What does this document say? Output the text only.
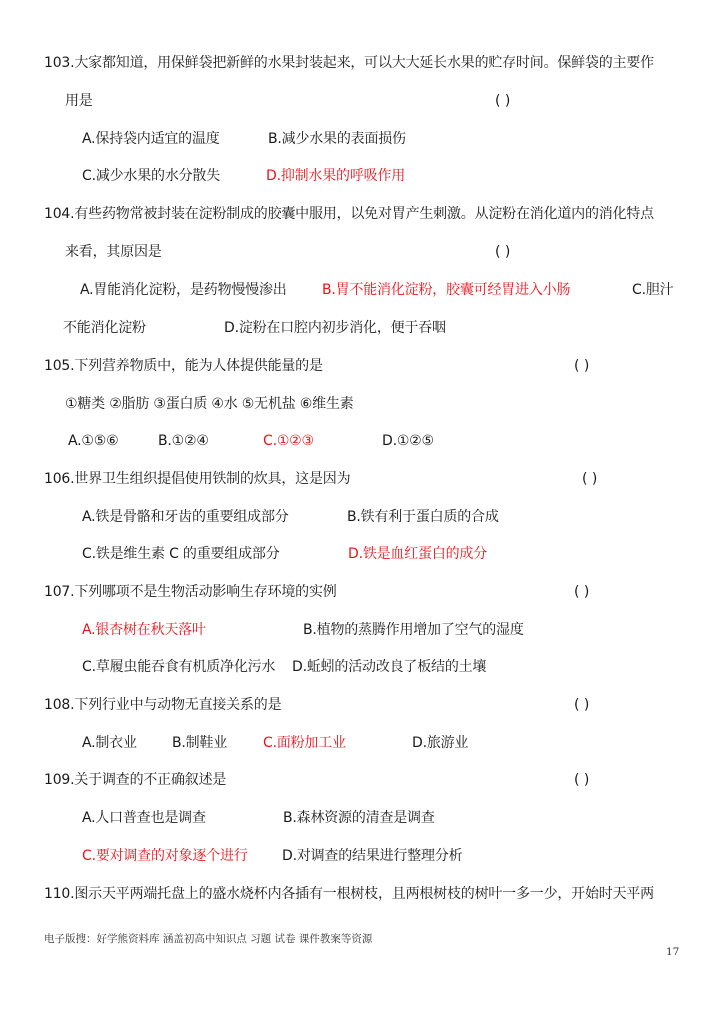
103.大家都知道，用保鲜袋把新鲜的水果封装起来，可以大大延长水果的贮存时间。保鲜袋的主要作
用是	( )
A.保持袋内适宜的温度	B.减少水果的表面损伤
C.减少水果的水分散失	D.抑制水果的呼吸作用
104.有些药物常被封装在淀粉制成的胶囊中服用，以免对胃产生刺激。从淀粉在消化道内的消化特点
来看，其原因是	( )
A.胃能消化淀粉，是药物慢慢渗出	B.胃不能消化淀粉，胶囊可经胃进入小肠	C.胆汁
不能消化淀粉	D.淀粉在口腔内初步消化，便于吞咽
105.下列营养物质中，能为人体提供能量的是	( )
①糖类 ②脂肪 ③蛋白质 ④水 ⑤无机盐 ⑥维生素
A.①⑤⑥	B.①②④	C.①②③	D.①②⑤
106.世界卫生组织提倡使用铁制的炊具，这是因为	( )
A.铁是骨骼和牙齿的重要组成部分	B.铁有利于蛋白质的合成
C.铁是维生素 C 的重要组成部分	D.铁是血红蛋白的成分
107.下列哪项不是生物活动影响生存环境的实例	( )
A.银杏树在秋天落叶	B.植物的蒸腾作用增加了空气的湿度
C.草履虫能吞食有机质净化污水 D.蚯蚓的活动改良了板结的土壤
108.下列行业中与动物无直接关系的是	( )
A.制衣业	B.制鞋业	C.面粉加工业	D.旅游业
109.关于调查的不正确叙述是	( )
A.人口普查也是调查	B.森林资源的清查是调查
C.要对调查的对象逐个进行 D.对调查的结果进行整理分析
110.图示天平两端托盘上的盛水烧杯内各插有一根树枝，且两根树枝的树叶一多一少，开始时天平两
电子版搜：好学熊资料库 涵盖初高中知识点 习题 试卷 课件教案等资源
17
